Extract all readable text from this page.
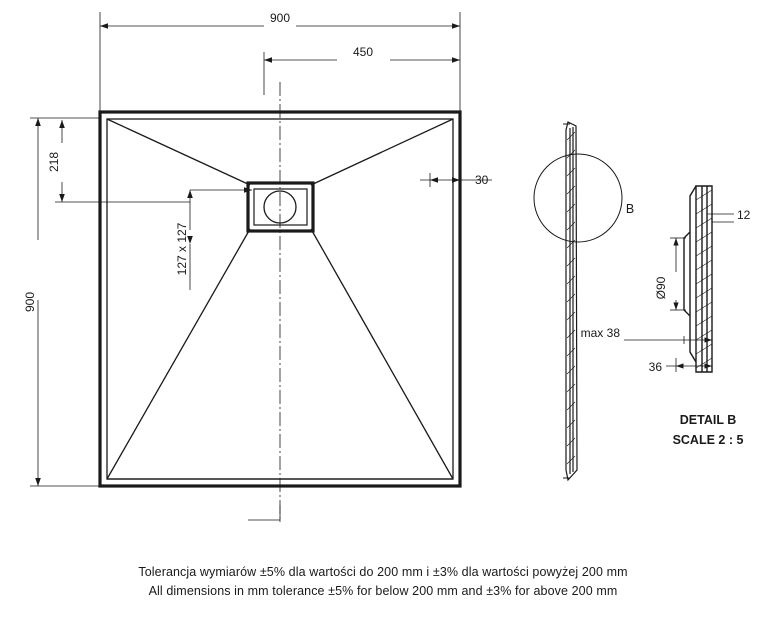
900
450
900
218
30
127 x 127
B	12
Ø90
max 38
36
DETAIL B
SCALE 2 : 5
Tolerancja wymiarów ±5% dla wartości do 200 mm i ±3% dla wartości powyżej 200 mm
All dimensions in mm tolerance ±5% for below 200 mm and ±3% for above 200 mm
